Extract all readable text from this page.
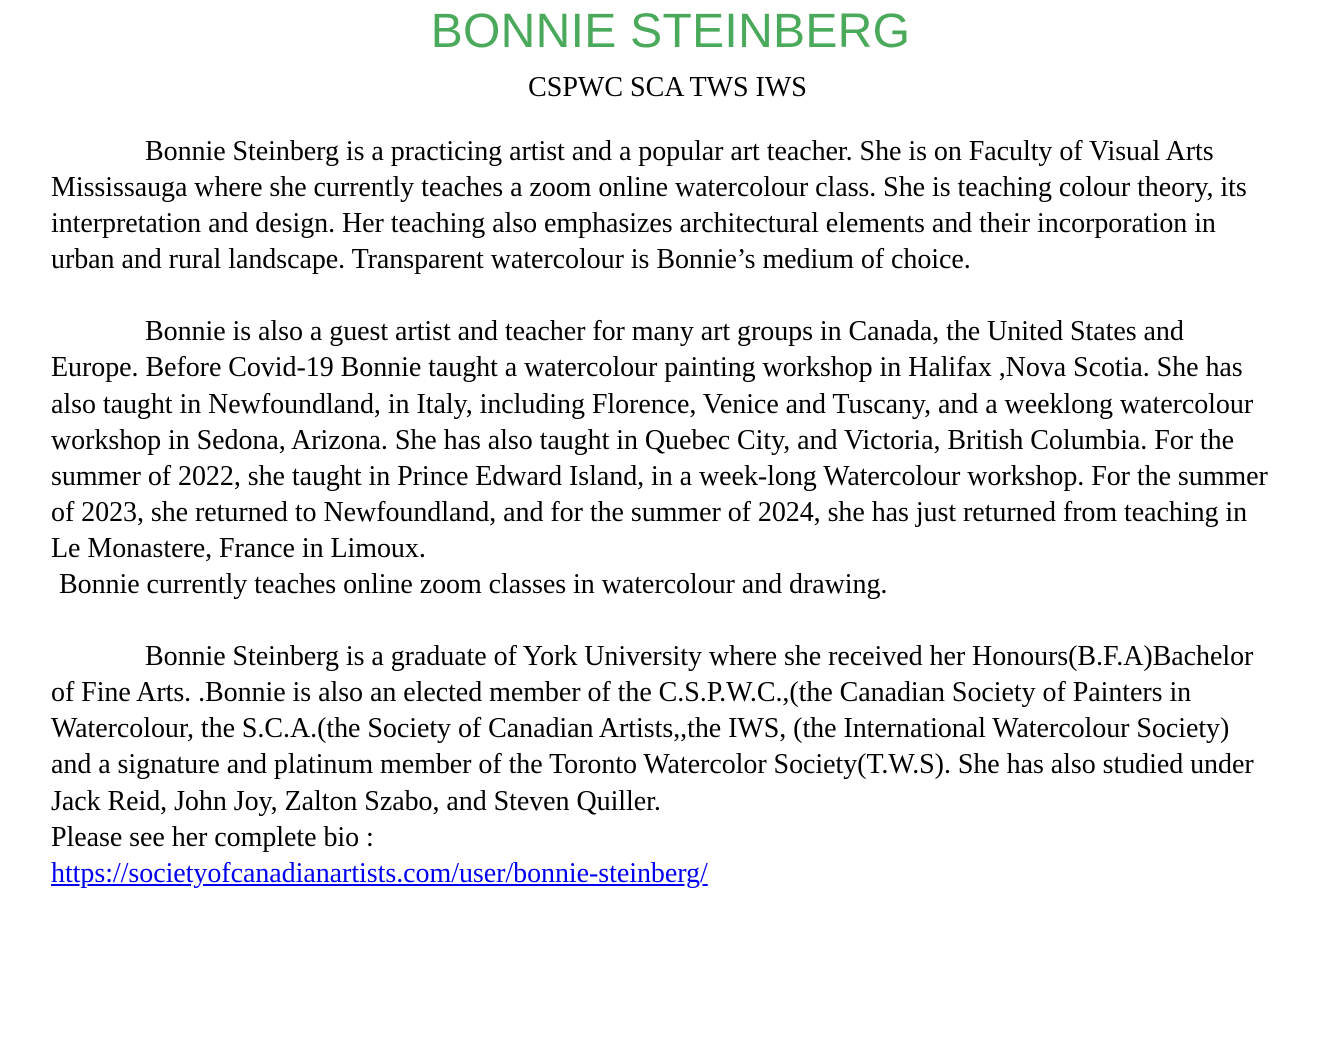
BONNIE STEINBERG
CSPWC SCA TWS IWS

Bonnie Steinberg is a practicing artist and a popular art teacher. She is on Faculty of Visual Arts Mississauga where she currently teaches a zoom online watercolour class. She is teaching colour theory, its interpretation and design. Her teaching also emphasizes architectural elements and their incorporation in urban and rural landscape. Transparent watercolour is Bonnie’s medium of choice.

Bonnie is also a guest artist and teacher for many art groups in Canada, the United States and Europe. Before Covid-19 Bonnie taught a watercolour painting workshop in Halifax ,Nova Scotia. She has also taught in Newfoundland, in Italy, including Florence, Venice and Tuscany, and a weeklong watercolour workshop in Sedona, Arizona. She has also taught in Quebec City, and Victoria, British Columbia. For the summer of 2022, she taught in Prince Edward Island, in a week-long Watercolour workshop. For the summer of 2023, she returned to Newfoundland, and for the summer of 2024, she has just returned from teaching in Le Monastere, France in Limoux.

Bonnie currently teaches online zoom classes in watercolour and drawing.

Bonnie Steinberg is a graduate of York University where she received her Honours(B.F.A)Bachelor of Fine Arts. .Bonnie is also an elected member of the C.S.P.W.C.,(the Canadian Society of Painters in Watercolour, the S.C.A.(the Society of Canadian Artists,,the IWS, (the International Watercolour Society) and a signature and platinum member of the Toronto Watercolor Society(T.W.S). She has also studied under Jack Reid, John Joy, Zalton Szabo, and Steven Quiller.

Please see her complete bio :

https://societyofcanadianartists.com/user/bonnie-steinberg/
